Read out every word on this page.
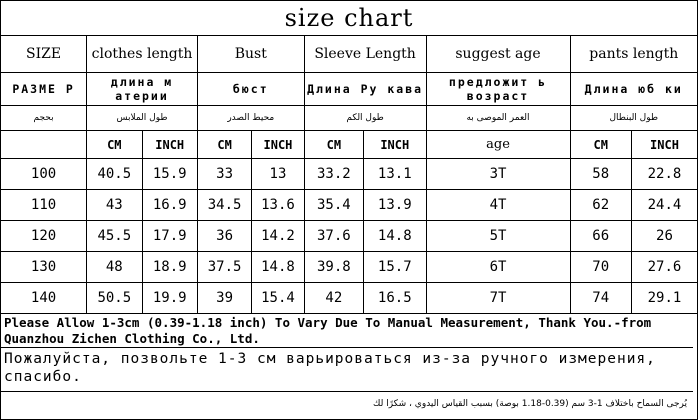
size chart
SIZE	clothes length		Bust		Sleeve Length		suggest age	pants length	
РАЗМЕ Р	длина м атерии		бюст		Длина Ру кава		предложит ь возраст	Длина юб ки	
بحجم	طول الملابس		محيط الصدر		طول الكم		العمر الموصى به	طول البنطال	
	CM	INCH	CM	INCH	CM	INCH	age	CM	INCH
100	40.5	15.9	33	13	33.2	13.1	3T	58	22.8
110	43	16.9	34.5	13.6	35.4	13.9	4T	62	24.4
120	45.5	17.9	36	14.2	37.6	14.8	5T	66	26
130	48	18.9	37.5	14.8	39.8	15.7	6T	70	27.6
140	50.5	19.9	39	15.4	42	16.5	7T	74	29.1
Please Allow 1-3cm (0.39-1.18 inch) To Vary Due To Manual Measurement, Thank You.-from Quanzhou Zichen Clothing Co., Ltd.
Пожалуйста, позвольте 1-3 см варьироваться из-за ручного измерения, спасибо.
يُرجى السماح باختلاف 1-3 سم (0.39-1.18 بوصة) بسبب القياس اليدوي ، شكرًا لك
